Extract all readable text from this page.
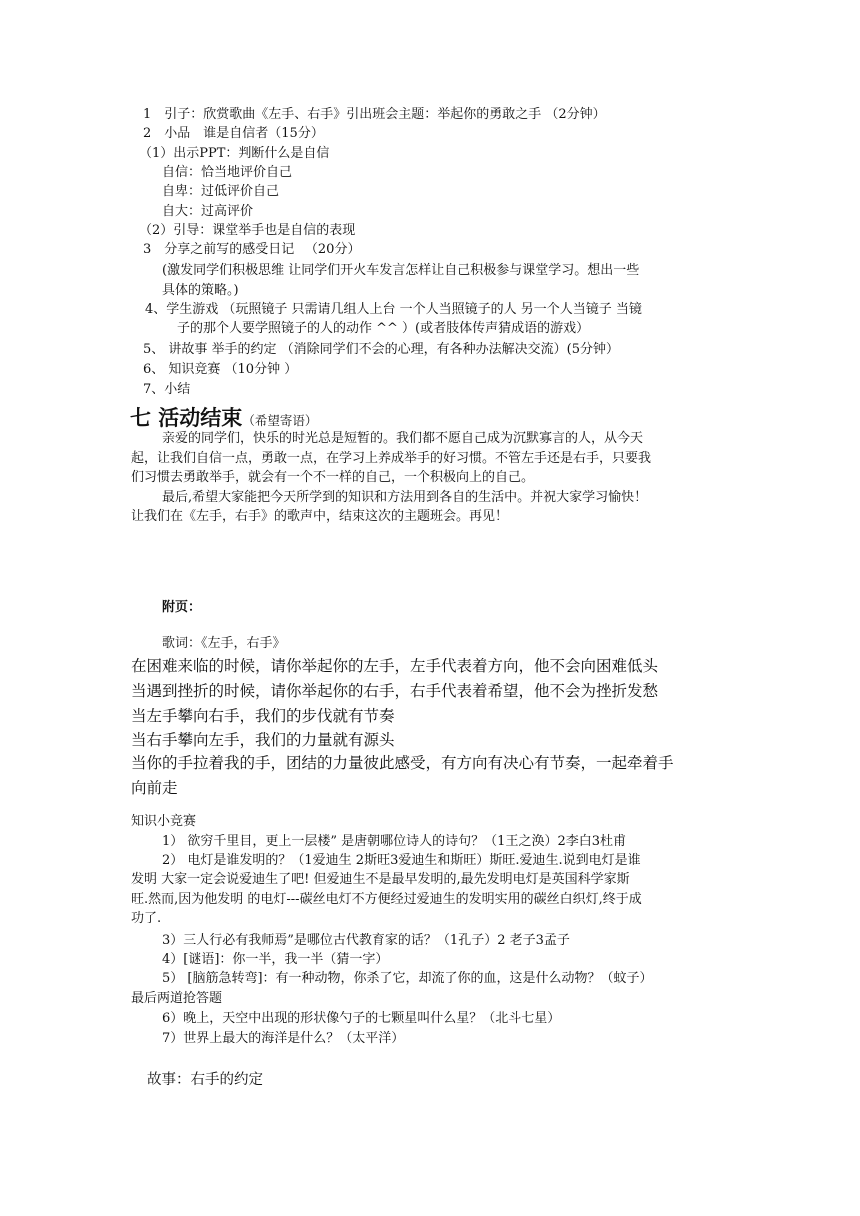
1　引子：欣赏歌曲《左手、右手》引出班会主题：举起你的勇敢之手 （2分钟）
2　小品　谁是自信者（15分）
（1）出示PPT：判断什么是自信
自信：恰当地评价自己
自卑：过低评价自己
自大：过高评价
（2）引导：课堂举手也是自信的表现
3　分享之前写的感受日记 　（20分）
(激发同学们积极思维 让同学们开火车发言怎样让自己积极参与课堂学习。想出一些
具体的策略。)
4、学生游戏 （玩照镜子 只需请几组人上台 一个人当照镜子的人 另一个人当镜子 当镜
子的那个人要学照镜子的人的动作 ^^ ）(或者肢体传声猜成语的游戏）
5、 讲故事 举手的约定 （消除同学们不会的心理，有各种办法解决交流）(5分钟）
6、 知识竞赛 （10分钟 ）
7、小结
七 活动结束（希望寄语）
亲爱的同学们，快乐的时光总是短暂的。我们都不愿自己成为沉默寡言的人，从今天
起，让我们自信一点，勇敢一点，在学习上养成举手的好习惯。不管左手还是右手，只要我
们习惯去勇敢举手，就会有一个不一样的自己，一个积极向上的自己。
最后,希望大家能把今天所学到的知识和方法用到各自的生活中。并祝大家学习愉快！
让我们在《左手，右手》的歌声中，结束这次的主题班会。再见！
附页：
歌词：《左手，右手》
在困难来临的时候，请你举起你的左手，左手代表着方向，他不会向困难低头
当遇到挫折的时候，请你举起你的右手，右手代表着希望，他不会为挫折发愁
当左手攀向右手，我们的步伐就有节奏
当右手攀向左手，我们的力量就有源头
当你的手拉着我的手，团结的力量彼此感受，有方向有决心有节奏，一起牵着手
向前走
知识小竞赛
1） 欲穷千里目，更上一层楼” 是唐朝哪位诗人的诗句？（1王之涣）2李白3杜甫
2） 电灯是谁发明的？（1爱迪生 2斯旺3爱迪生和斯旺）斯旺.爱迪生.说到电灯是谁
发明 大家一定会说爱迪生了吧! 但爱迪生不是最早发明的,最先发明电灯是英国科学家斯
旺.然而,因为他发明 的电灯---碳丝电灯不方便经过爱迪生的发明实用的碳丝白织灯,终于成
功了.
3）三人行必有我师焉”是哪位古代教育家的话？（1孔子）2 老子3孟子
4）[谜语]：你一半，我一半（猜一字）
5） [脑筋急转弯]：有一种动物，你杀了它，却流了你的血，这是什么动物？（蚊子）
最后两道抢答题
6）晚上，天空中出现的形状像勺子的七颗星叫什么星？（北斗七星）
7）世界上最大的海洋是什么？（太平洋）
故事：右手的约定
